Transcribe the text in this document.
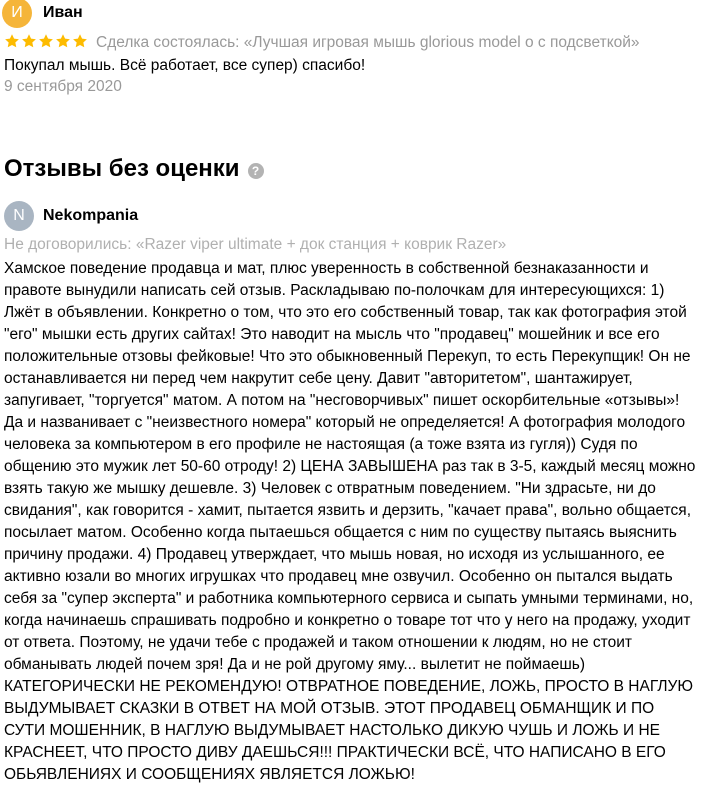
И	Иван
Сделка состоялась: «Лучшая игровая мышь glorious model o с подсветкой»
Покупал мышь. Всё работает, все супер) спасибо!
9 сентября 2020
Отзывы без оценки	?
N	Nekompania
Не договорились: «Razer viper ultimate + док станция + коврик Razer»
Хамское поведение продавца и мат, плюс уверенность в собственной безнаказанности и
правоте вынудили написать сей отзыв. Раскладываю по-полочкам для интересующихся: 1)
Лжёт в объявлении. Конкретно о том, что это его собственный товар, так как фотография этой
"его" мышки есть других сайтах! Это наводит на мысль что "продавец" мошейник и все его
положительные отзовы фейковые! Что это обыкновенный Перекуп, то есть Перекупщик! Он не
останавливается ни перед чем накрутит себе цену. Давит "авторитетом", шантажирует,
запугивает, "торгуется" матом. А потом на "несговорчивых" пишет оскорбительные «отзывы»!
Да и названивает с "неизвестного номера" который не определяется! А фотография молодого
человека за компьютером в его профиле не настоящая (а тоже взята из гугля)) Судя по
общению это мужик лет 50-60 отроду! 2) ЦЕНА ЗАВЫШЕНА раз так в 3-5, каждый месяц можно
взять такую же мышку дешевле. 3) Человек с отвратным поведением. "Ни здрасьте, ни до
свидания", как говорится - хамит, пытается язвить и дерзить, "качает права", вольно общается,
посылает матом. Особенно когда пытаешься общается с ним по существу пытаясь выяснить
причину продажи. 4) Продавец утверждает, что мышь новая, но исходя из услышанного, ее
активно юзали во многих игрушках что продавец мне озвучил. Особенно он пытался выдать
себя за "супер эксперта" и работника компьютерного сервиса и сыпать умными терминами, но,
когда начинаешь спрашивать подробно и конкретно о товаре тот что у него на продажу, уходит
от ответа. Поэтому, не удачи тебе с продажей и таком отношении к людям, но не стоит
обманывать людей почем зря! Да и не рой другому яму... вылетит не поймаешь)
КАТЕГОРИЧЕСКИ НЕ РЕКОМЕНДУЮ! ОТВРАТНОЕ ПОВЕДЕНИЕ, ЛОЖЬ, ПРОСТО В НАГЛУЮ
ВЫДУМЫВАЕТ СКАЗКИ В ОТВЕТ НА МОЙ ОТЗЫВ. ЭТОТ ПРОДАВЕЦ ОБМАНЩИК И ПО
СУТИ МОШЕННИК, В НАГЛУЮ ВЫДУМЫВАЕТ НАСТОЛЬКО ДИКУЮ ЧУШЬ И ЛОЖЬ И НЕ
КРАСНЕЕТ, ЧТО ПРОСТО ДИВУ ДАЕШЬСЯ!!! ПРАКТИЧЕСКИ ВСЁ, ЧТО НАПИСАНО В ЕГО
ОБЬЯВЛЕНИЯХ И СООБЩЕНИЯХ ЯВЛЯЕТСЯ ЛОЖЬЮ!
